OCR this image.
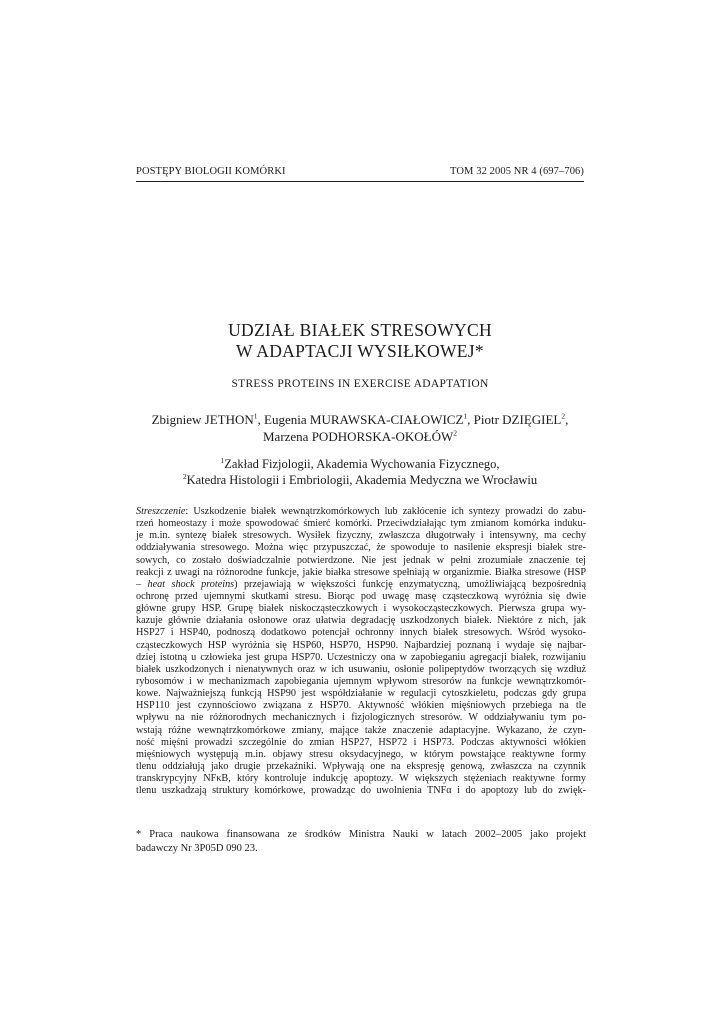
POSTĘPY BIOLOGII KOMÓRKI	TOM 32 2005 NR 4 (697–706)
UDZIAŁ BIAŁEK STRESOWYCH
W ADAPTACJI WYSIŁKOWEJ*
STRESS PROTEINS IN EXERCISE ADAPTATION
Zbigniew JETHON$^1$, Eugenia MURAWSKA-CIAŁOWICZ$^1$, Piotr DZIĘGIEL$^2$,
Marzena PODHORSKA-OKOŁÓW$^2$
$^1$Zakład Fizjologii, Akademia Wychowania Fizycznego,
$^2$Katedra Histologii i Embriologii, Akademia Medyczna we Wrocławiu
Streszczenie: Uszkodzenie białek wewnątrzkomórkowych lub zakłócenie ich syntezy prowadzi do zabu-
rzeń homeostazy i może spowodować śmierć komórki. Przeciwdziałając tym zmianom komórka induku-
je m.in. syntezę białek stresowych. Wysiłek fizyczny, zwłaszcza długotrwały i intensywny, ma cechy
oddziaływania stresowego. Można więc przypuszczać, że spowoduje to nasilenie ekspresji białek stre-
sowych, co zostało doświadczalnie potwierdzone. Nie jest jednak w pełni zrozumiałe znaczenie tej
reakcji z uwagi na różnorodne funkcje, jakie białka stresowe spełniają w organizmie. Białka stresowe (HSP
– heat shock proteins) przejawiają w większości funkcję enzymatyczną, umożliwiającą bezpośrednią
ochronę przed ujemnymi skutkami stresu. Biorąc pod uwagę masę cząsteczkową wyróżnia się dwie
główne grupy HSP. Grupę białek niskocząsteczkowych i wysokocząsteczkowych. Pierwsza grupa wy-
kazuje głównie działania osłonowe oraz ułatwia degradację uszkodzonych białek. Niektóre z nich, jak
HSP27 i HSP40, podnoszą dodatkowo potencjał ochronny innych białek stresowych. Wśród wysoko-
cząsteczkowych HSP wyróżnia się HSP60, HSP70, HSP90. Najbardziej poznaną i wydaje się najbar-
dziej istotną u człowieka jest grupa HSP70. Uczestniczy ona w zapobieganiu agregacji białek, rozwijaniu
białek uszkodzonych i nienatywnych oraz w ich usuwaniu, osłonie polipeptydów tworzących się wzdłuż
rybosomów i w mechanizmach zapobiegania ujemnym wpływom stresorów na funkcje wewnątrzkomór-
kowe. Najważniejszą funkcją HSP90 jest współdziałanie w regulacji cytoszkieletu, podczas gdy grupa
HSP110 jest czynnościowo związana z HSP70. Aktywność włókien mięśniowych przebiega na tle
wpływu na nie różnorodnych mechanicznych i fizjologicznych stresorów. W oddziaływaniu tym po-
wstają różne wewnątrzkomórkowe zmiany, mające także znaczenie adaptacyjne. Wykazano, że czyn-
ność mięśni prowadzi szczególnie do zmian HSP27, HSP72 i HSP73. Podczas aktywności włókien
mięśniowych występują m.in. objawy stresu oksydacyjnego, w którym powstające reaktywne formy
tlenu oddziałują jako drugie przekaźniki. Wpływają one na ekspresję genową, zwłaszcza na czynnik
transkrypcyjny NFκB, który kontroluje indukcję apoptozy. W większych stężeniach reaktywne formy
tlenu uszkadzają struktury komórkowe, prowadząc do uwolnienia TNFα i do apoptozy lub do zwięk-
* Praca naukowa finansowana ze środków Ministra Nauki w latach 2002–2005 jako projekt
badawczy Nr 3P05D 090 23.
